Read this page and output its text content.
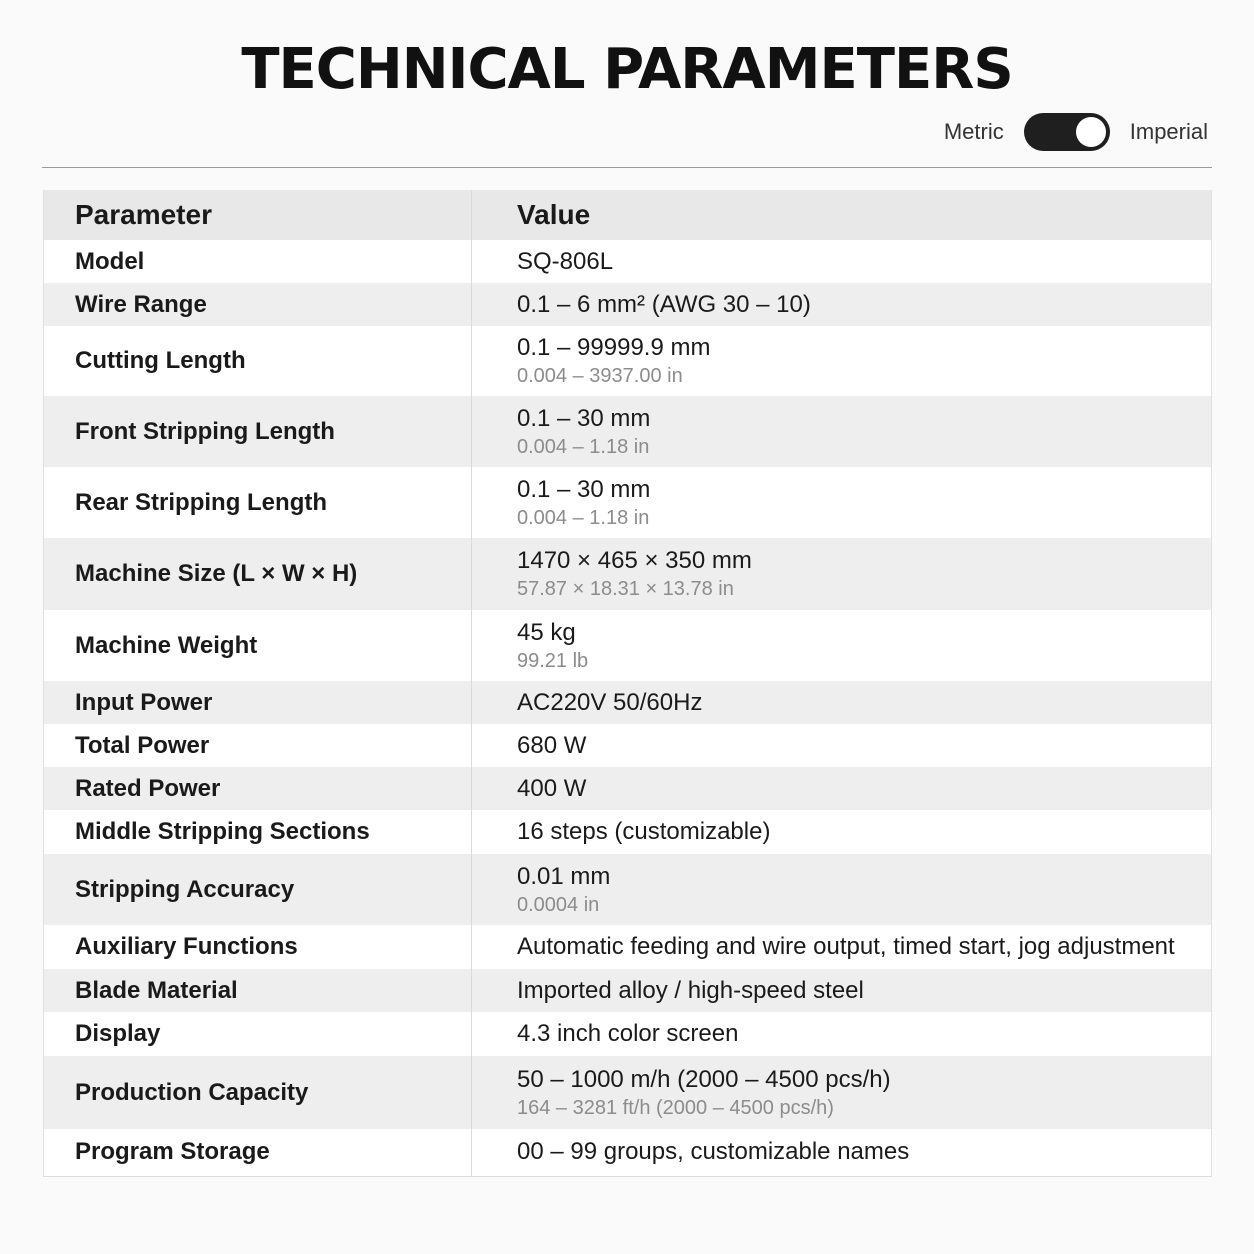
TECHNICAL PARAMETERS
Metric	Imperial
Parameter	Value
Model	SQ-806L

Wire Range	0.1 – 6 mm² (AWG 30 – 10)

Cutting Length	0.1 – 99999.9 mm
0.004 – 3937.00 in

Front Stripping Length	0.1 – 30 mm
0.004 – 1.18 in

Rear Stripping Length	0.1 – 30 mm
0.004 – 1.18 in

Machine Size (L × W × H)	1470 × 465 × 350 mm
57.87 × 18.31 × 13.78 in

Machine Weight	45 kg
99.21 lb

Input Power	AC220V 50/60Hz

Total Power	680 W

Rated Power	400 W

Middle Stripping Sections	16 steps (customizable)

Stripping Accuracy	0.01 mm
0.0004 in

Auxiliary Functions	Automatic feeding and wire output, timed start, jog adjustment

Blade Material	Imported alloy / high-speed steel

Display	4.3 inch color screen

Production Capacity	50 – 1000 m/h (2000 – 4500 pcs/h)
164 – 3281 ft/h (2000 – 4500 pcs/h)

Program Storage	00 – 99 groups, customizable names
